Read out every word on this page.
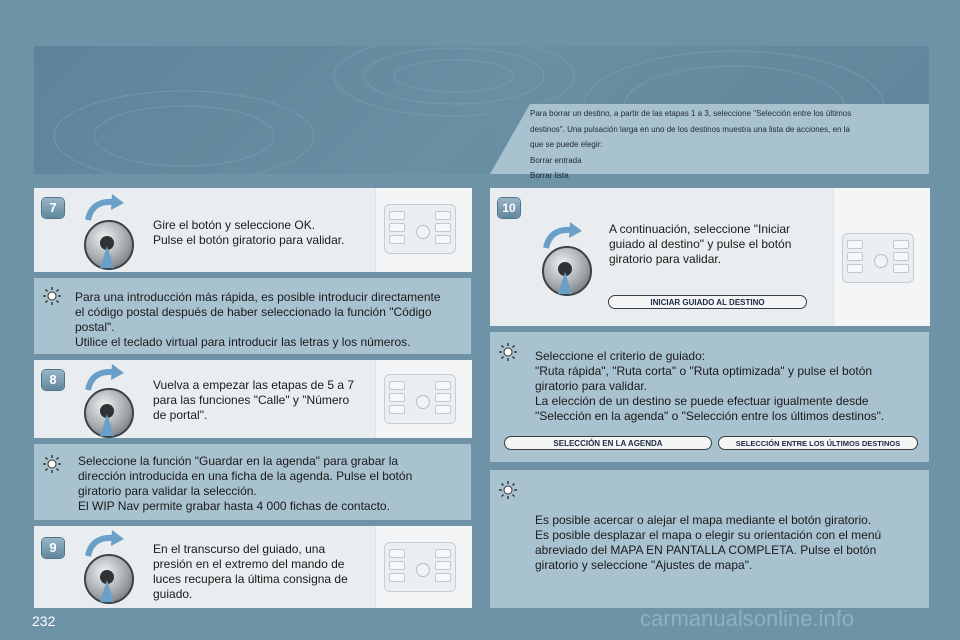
Para borrar un destino, a partir de las etapas 1 a 3, seleccione "Selección entre los últimos
destinos". Una pulsación larga en uno de los destinos muestra una lista de acciones, en la
que se puede elegir:
Borrar entrada
Borrar lista
7
Gire el botón y seleccione OK.
Pulse el botón giratorio para validar.
Para una introducción más rápida, es posible introducir directamente
el código postal después de haber seleccionado la función "Código
postal".
Utilice el teclado virtual para introducir las letras y los números.
8	Vuelva a empezar las etapas de 5 a 7
para las funciones "Calle" y "Número
de portal".
Seleccione la función "Guardar en la agenda" para grabar la
dirección introducida en una ficha de la agenda. Pulse el botón
giratorio para validar la selección.
El WIP Nav permite grabar hasta 4 000 fichas de contacto.
9	En el transcurso del guiado, una
presión en el extremo del mando de
luces recupera la última consigna de
guiado.
10
A continuación, seleccione "Iniciar
guiado al destino" y pulse el botón
giratorio para validar.
INICIAR GUIADO AL DESTINO
Seleccione el criterio de guiado:
"Ruta rápida", "Ruta corta" o "Ruta optimizada" y pulse el botón
giratorio para validar.
La elección de un destino se puede efectuar igualmente desde
"Selección en la agenda" o "Selección entre los últimos destinos".
SELECCIÓN EN LA AGENDA	SELECCIÓN ENTRE LOS ÚLTIMOS DESTINOS
Es posible acercar o alejar el mapa mediante el botón giratorio.
Es posible desplazar el mapa o elegir su orientación con el menú
abreviado del MAPA EN PANTALLA COMPLETA. Pulse el botón
giratorio y seleccione "Ajustes de mapa".
232	carmanualsonline.info
